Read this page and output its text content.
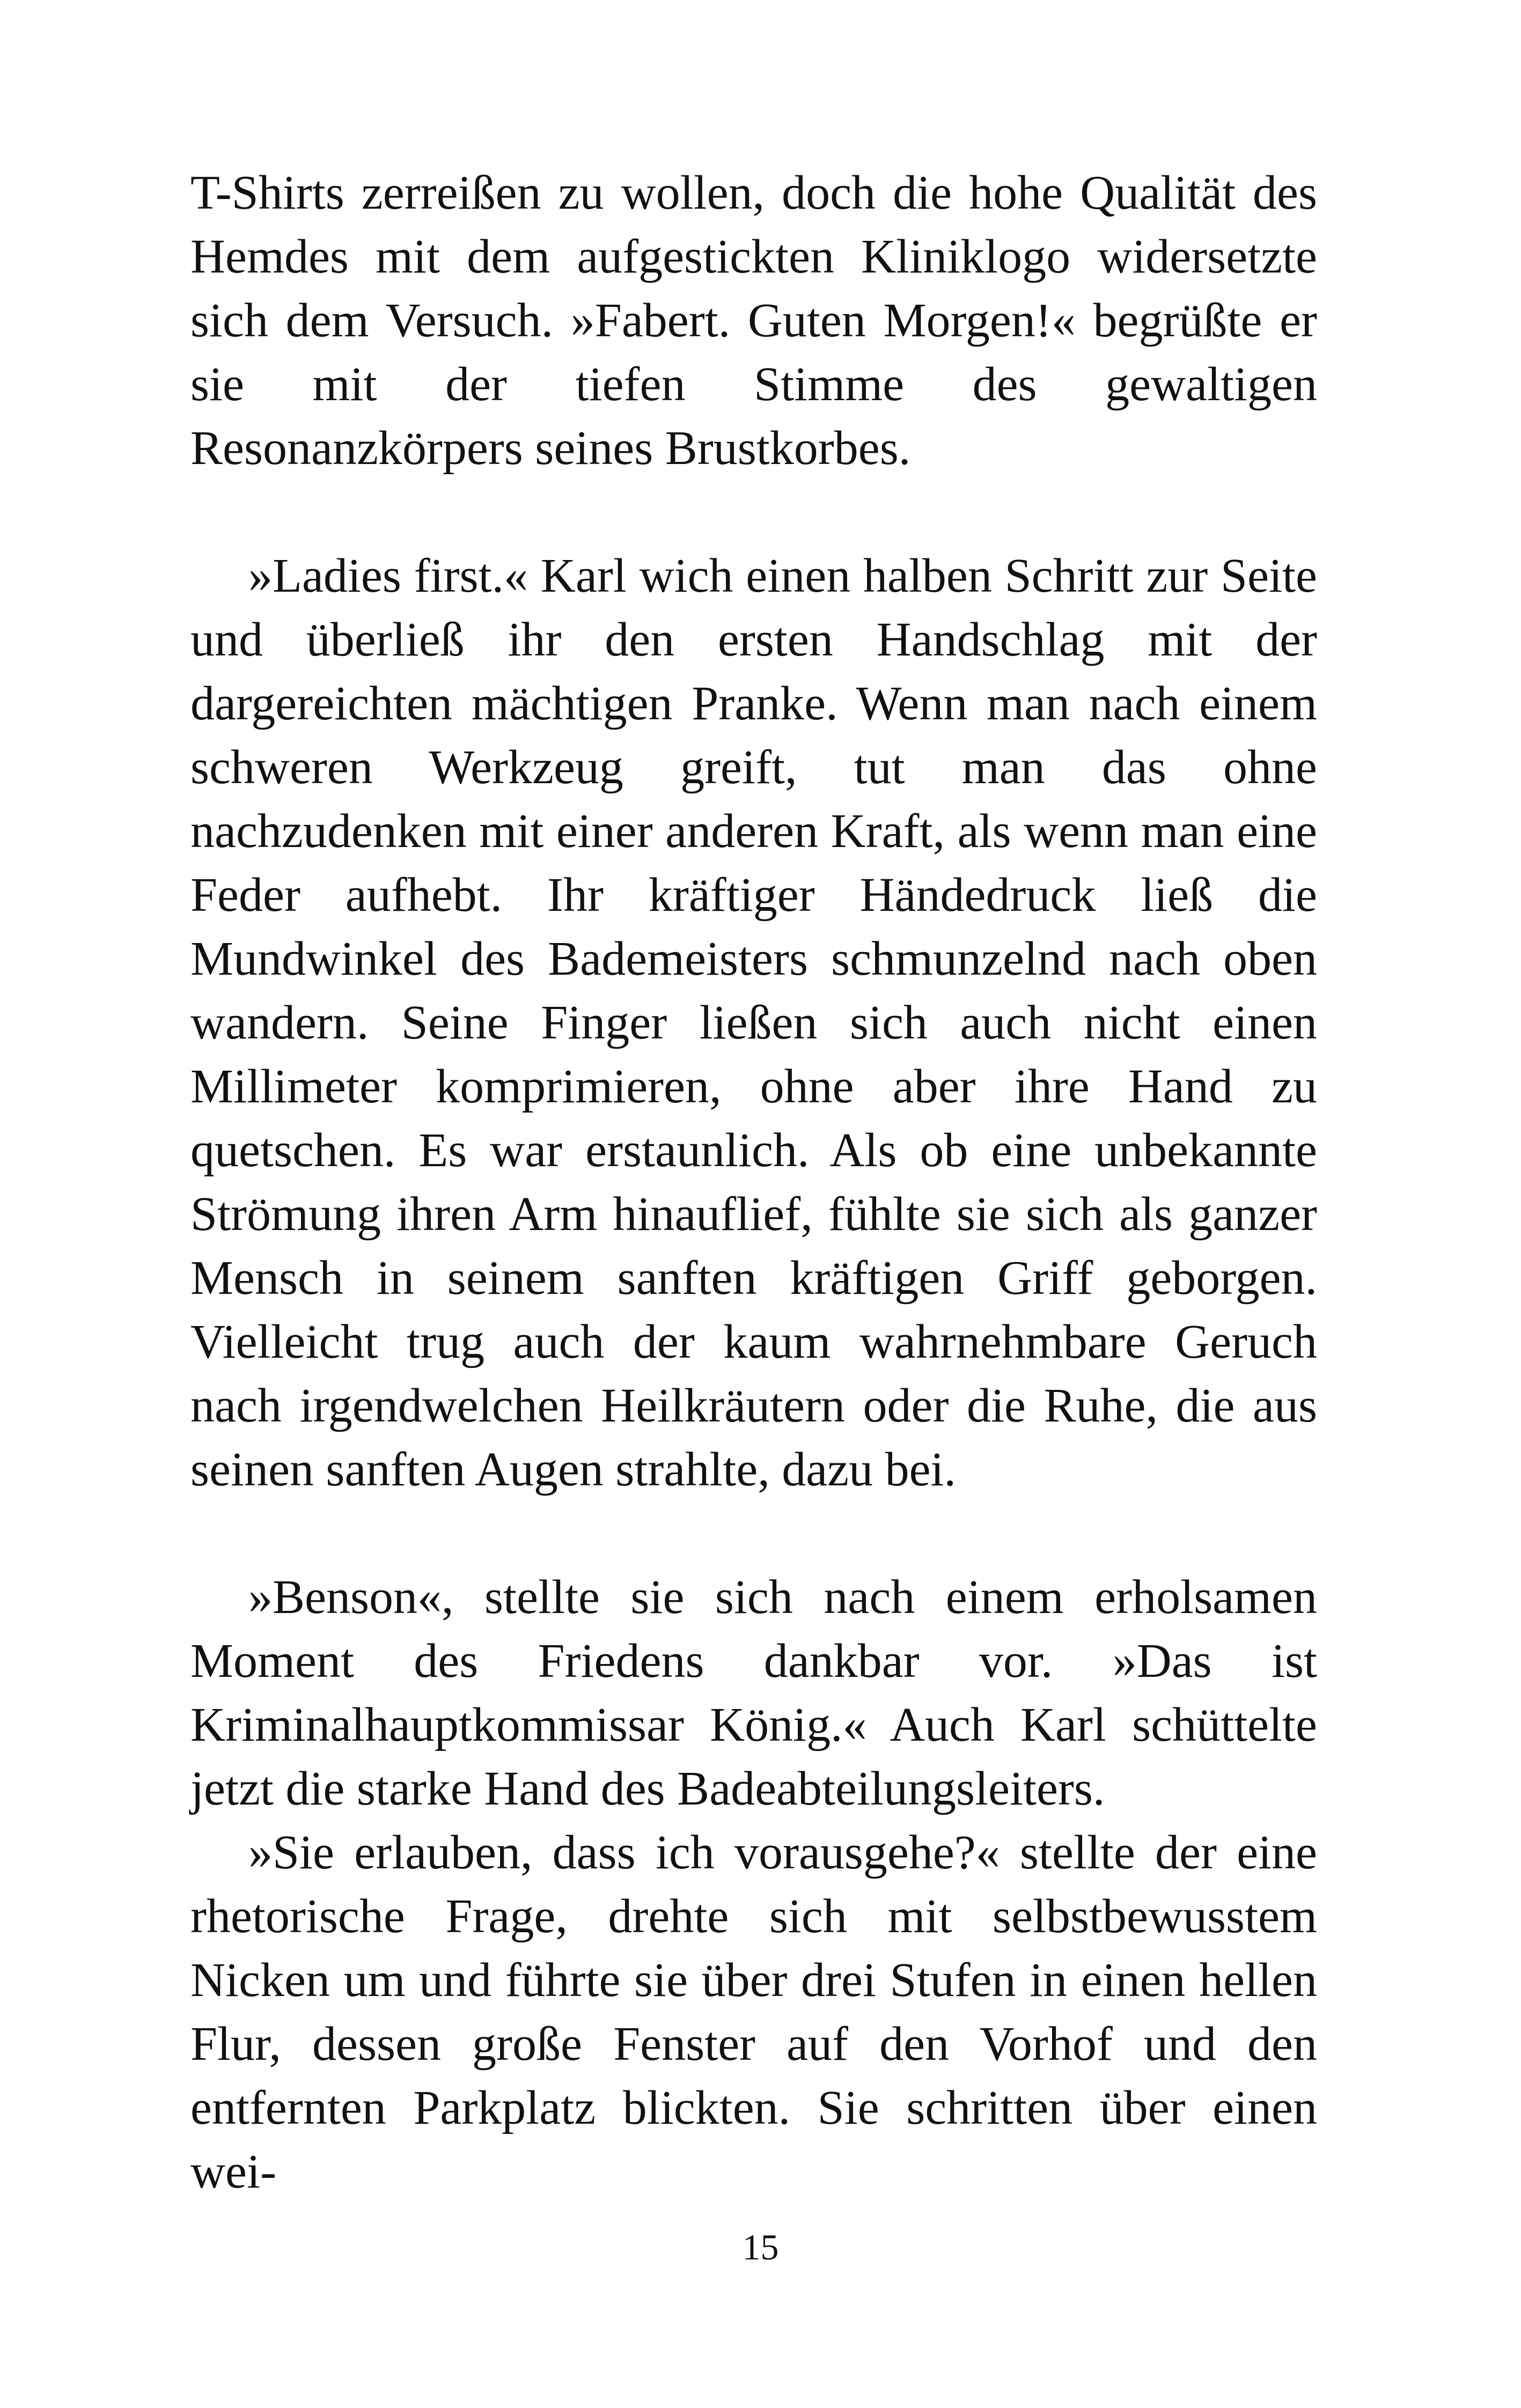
T-Shirts zerreißen zu wollen, doch die hohe Qualität des Hemdes mit dem aufgestickten Kliniklogo widersetzte sich dem Versuch. »Fabert. Guten Morgen!« begrüßte er sie mit der tiefen Stimme des gewaltigen Resonanzkörpers seines Brustkorbes.

»Ladies first.« Karl wich einen halben Schritt zur Seite und überließ ihr den ersten Handschlag mit der dargereichten mächtigen Pranke. Wenn man nach einem schweren Werkzeug greift, tut man das ohne nachzudenken mit einer anderen Kraft, als wenn man eine Feder aufhebt. Ihr kräftiger Händedruck ließ die Mundwinkel des Bademeisters schmunzelnd nach oben wandern. Seine Finger ließen sich auch nicht einen Millimeter komprimieren, ohne aber ihre Hand zu quetschen. Es war erstaunlich. Als ob eine unbekannte Strömung ihren Arm hinauflief, fühlte sie sich als ganzer Mensch in seinem sanften kräftigen Griff geborgen. Vielleicht trug auch der kaum wahrnehmbare Geruch nach irgendwelchen Heilkräutern oder die Ruhe, die aus seinen sanften Augen strahlte, dazu bei.

»Benson«, stellte sie sich nach einem erholsamen Moment des Friedens dankbar vor. »Das ist Kriminalhauptkommissar König.« Auch Karl schüttelte jetzt die starke Hand des Badeabteilungsleiters.

»Sie erlauben, dass ich vorausgehe?« stellte der eine rhetorische Frage, drehte sich mit selbstbewusstem Nicken um und führte sie über drei Stufen in einen hellen Flur, dessen große Fenster auf den Vorhof und den entfernten Parkplatz blickten. Sie schritten über einen wei-

15
